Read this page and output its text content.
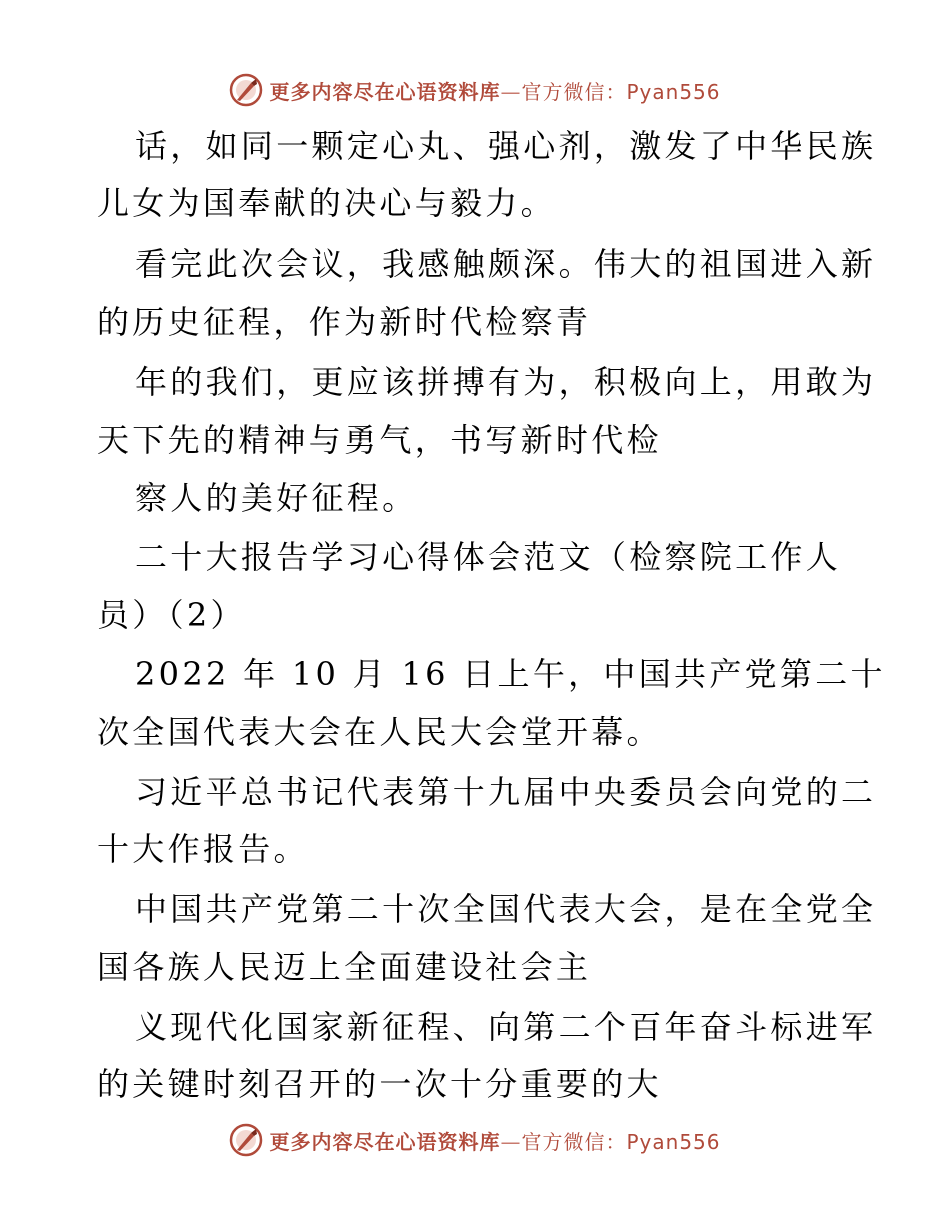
更多内容尽在心语资料库—官方微信：Pyan556
话，如同一颗定心丸、强心剂，激发了中华民族
儿女为国奉献的决心与毅力。
看完此次会议，我感触颇深。伟大的祖国进入新
的历史征程，作为新时代检察青
年的我们，更应该拼搏有为，积极向上，用敢为
天下先的精神与勇气，书写新时代检
察人的美好征程。
二十大报告学习心得体会范文（检察院工作人
员）（2）
2022 年 10 月 16 日上午，中国共产党第二十
次全国代表大会在人民大会堂开幕。
习近平总书记代表第十九届中央委员会向党的二
十大作报告。
中国共产党第二十次全国代表大会，是在全党全
国各族人民迈上全面建设社会主
义现代化国家新征程、向第二个百年奋斗标进军
的关键时刻召开的一次十分重要的大
更多内容尽在心语资料库—官方微信：Pyan556
